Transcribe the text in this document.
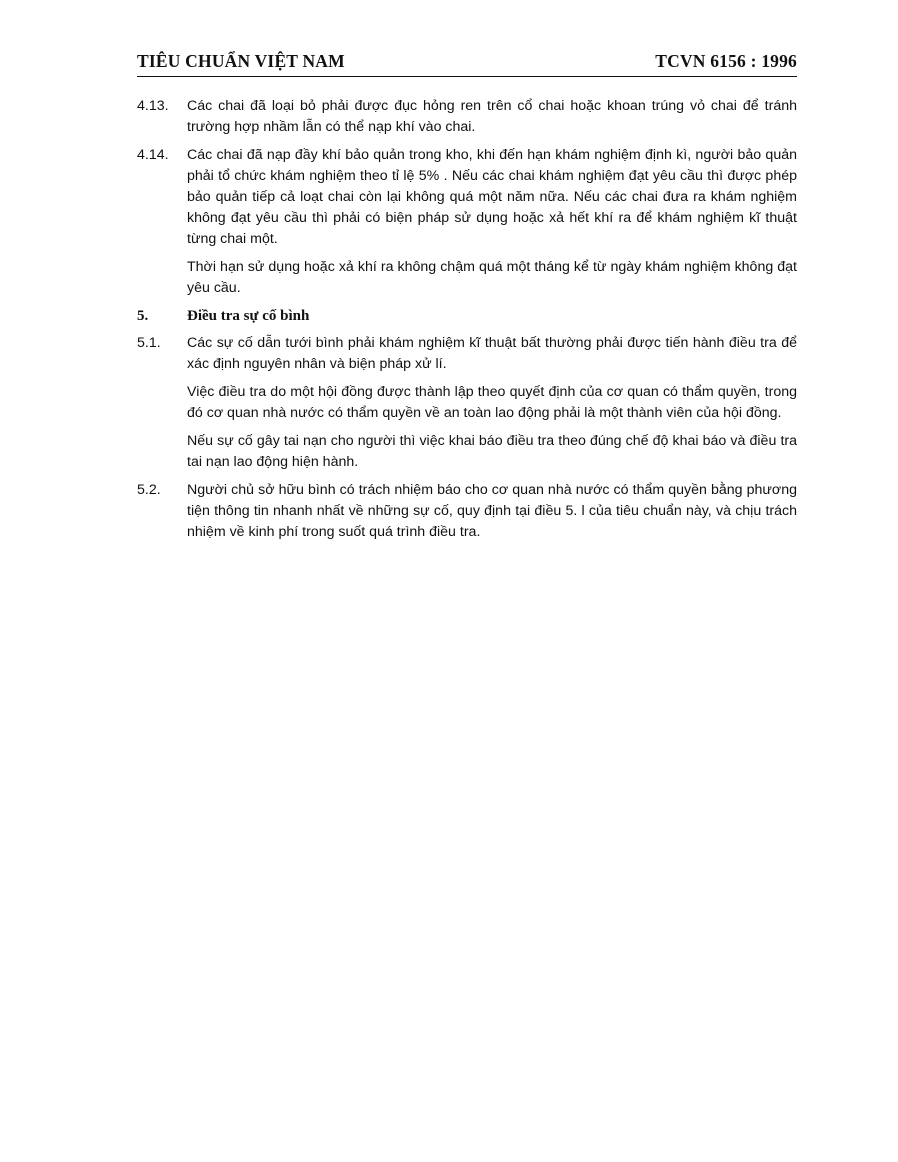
TIÊU CHUẨN VIỆT NAM	TCVN 6156 : 1996
4.13.	Các chai đã loại bỏ phải được đục hỏng ren trên cổ chai hoặc khoan trúng vỏ chai để tránh trường hợp nhầm lẫn có thể nạp khí vào chai.
4.14.	Các chai đã nạp đầy khí bảo quản trong kho, khi đến hạn khám nghiệm định kì, người bảo quản phải tổ chức khám nghiệm theo tỉ lệ 5% . Nếu các chai khám nghiệm đạt yêu cầu thì được phép bảo quản tiếp cả loạt chai còn lại không quá một năm nữa. Nếu các chai đưa ra khám nghiệm không đạt yêu cầu thì phải có biện pháp sử dụng hoặc xả hết khí ra để khám nghiệm kĩ thuật từng chai một.
Thời hạn sử dụng hoặc xả khí ra không chậm quá một tháng kể từ ngày khám nghiệm không đạt yêu cầu.
5.	Điều tra sự cố bình
5.1.	Các sự cố dẫn tưới bình phải khám nghiệm kĩ thuật bất thường phải được tiến hành điều tra để xác định nguyên nhân và biện pháp xử lí.
Việc điều tra do một hội đồng được thành lập theo quyết định của cơ quan có thẩm quyền, trong đó cơ quan nhà nước có thẩm quyền về an toàn lao động phải là một thành viên của hội đồng.
Nếu sự cố gây tai nạn cho người thì việc khai báo điều tra theo đúng chế độ khai báo và điều tra tai nạn lao động hiện hành.
5.2.	Người chủ sở hữu bình có trách nhiệm báo cho cơ quan nhà nước có thẩm quyền bằng phương tiện thông tin nhanh nhất về những sự cố, quy định tại điều 5. l của tiêu chuẩn này, và chịu trách nhiệm về kinh phí trong suốt quá trình điều tra.
